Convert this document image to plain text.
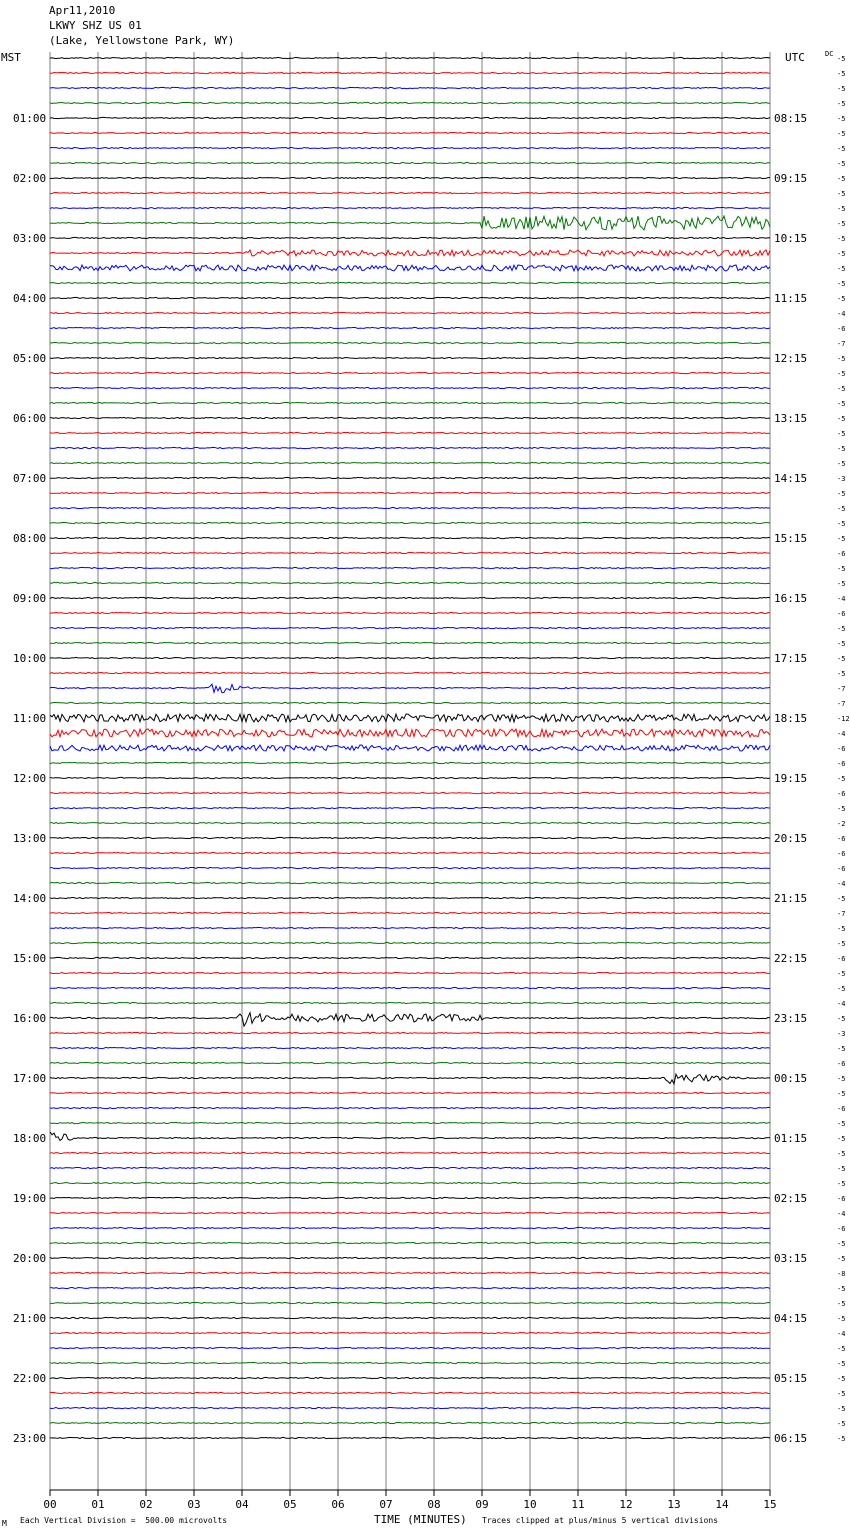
Apr11,2010
LKWY SHZ US 01
(Lake, Yellowstone Park, WY)
00	01	02	03	04	05	06	07	08	09	10	11	12	13	14	15
-5
-5
-5
-5
-5
-5
-5
-5
-5
-5
-5
-5
-5
-5
-5
-5
-5
-4
-6
-7
-5
-5
-5
-5
-5
-5
-5
-5
-3
-5
-5
-5
-5
-6
-5
-5
-4
-6
-5
-5
-5
-5
-7
-7
-12
-4
-6
-6
-5
-6
-5
-2
-6
-6
-6
-4
-5
-7
-5
-5
-6
-5
-5
-4
-5
-3
-5
-6
-5
-5
-6
-5
-5
-5
-5
-5
-6
-4
-6
-5
-5
-8
-5
-5
-5
-4
-5
-5
-5
-5
-5
-5
-5
01:00
02:00
03:00
04:00
05:00
06:00
07:00
08:00
09:00
10:00
11:00
12:00
13:00
14:00
15:00
16:00
17:00
18:00
19:00
20:00
21:00
22:00
23:00
08:15
09:15
10:15
11:15
12:15
13:15
14:15
15:15
16:15
17:15
18:15
19:15
20:15
21:15
22:15
23:15
00:15
01:15
02:15
03:15
04:15
05:15
06:15
MST	UTC	DC
TIME (MINUTES)
M Each Vertical Division =  500.00 microvolts	Traces clipped at plus/minus 5 vertical divisions
